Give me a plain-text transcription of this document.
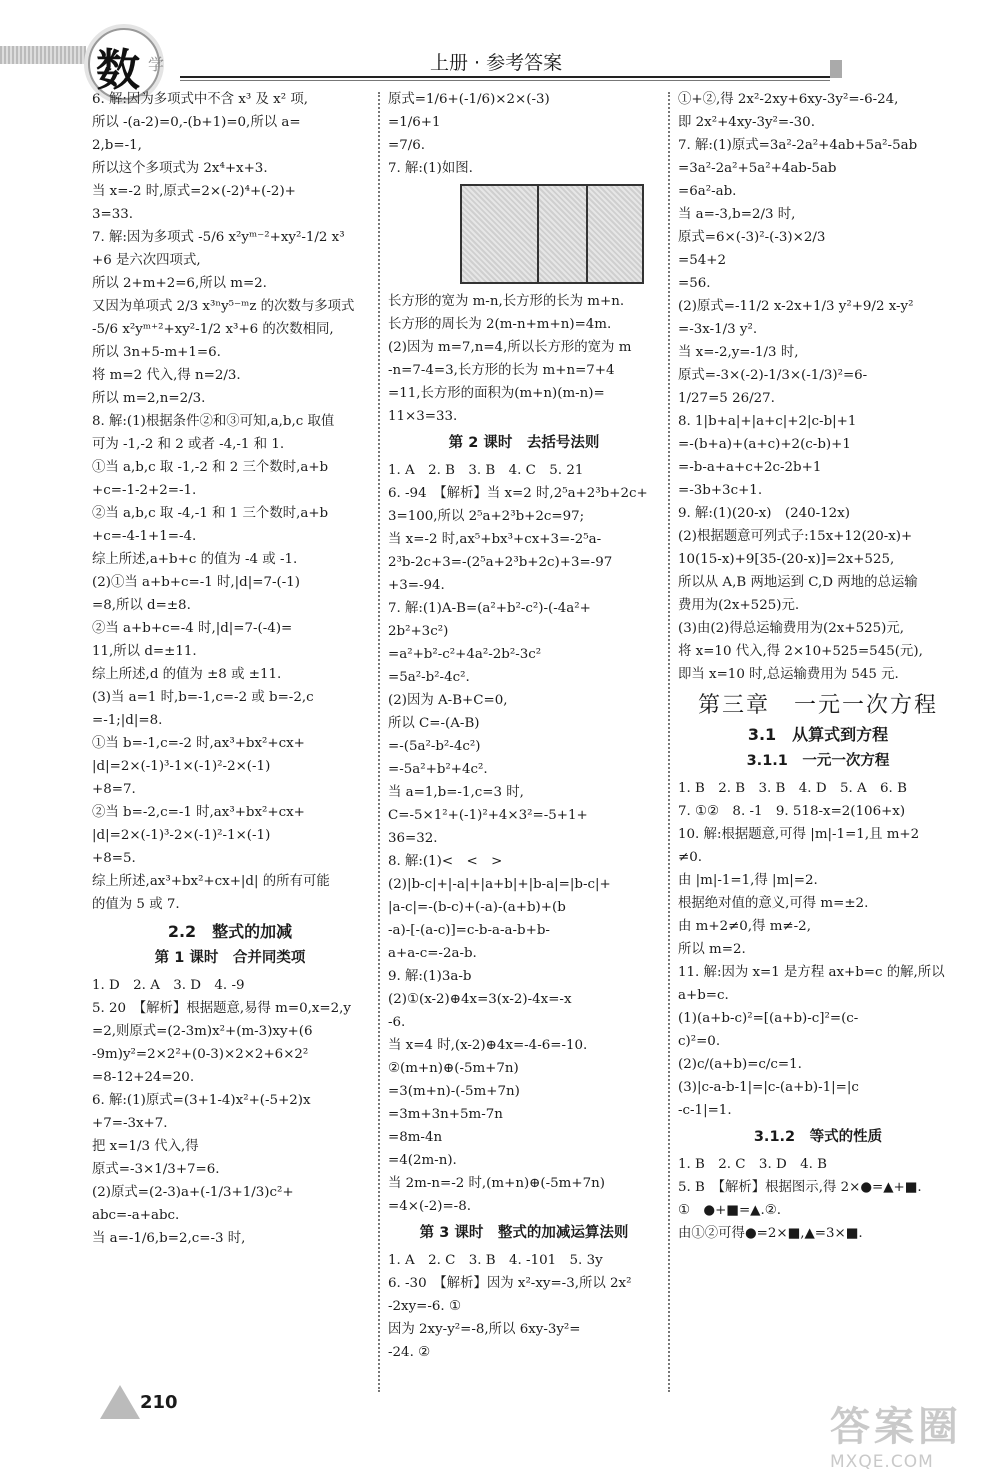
数 学	上册 · 参考答案
6. 解:因为多项式中不含 x³ 及 x² 项,
所以 -(a-2)=0,-(b+1)=0,所以 a=
2,b=-1,
所以这个多项式为 2x⁴+x+3.
当 x=-2 时,原式=2×(-2)⁴+(-2)+
3=33.
7. 解:因为多项式 -5/6 x²yᵐ⁻²+xy²-1/2 x³
+6 是六次四项式,
所以 2+m+2=6,所以 m=2.
又因为单项式 2/3 x³ⁿy⁵⁻ᵐz 的次数与多项式
-5/6 x²yᵐ⁺²+xy²-1/2 x³+6 的次数相同,
所以 3n+5-m+1=6.
将 m=2 代入,得 n=2/3.
所以 m=2,n=2/3.
8. 解:(1)根据条件②和③可知,a,b,c 取值
可为 -1,-2 和 2 或者 -4,-1 和 1.
①当 a,b,c 取 -1,-2 和 2 三个数时,a+b
+c=-1-2+2=-1.
②当 a,b,c 取 -4,-1 和 1 三个数时,a+b
+c=-4-1+1=-4.
综上所述,a+b+c 的值为 -4 或 -1.
(2)①当 a+b+c=-1 时,|d|=7-(-1)
=8,所以 d=±8.
②当 a+b+c=-4 时,|d|=7-(-4)=
11,所以 d=±11.
综上所述,d 的值为 ±8 或 ±11.
(3)当 a=1 时,b=-1,c=-2 或 b=-2,c
=-1;|d|=8.
①当 b=-1,c=-2 时,ax³+bx²+cx+
|d|=2×(-1)³-1×(-1)²-2×(-1)
+8=7.
②当 b=-2,c=-1 时,ax³+bx²+cx+
|d|=2×(-1)³-2×(-1)²-1×(-1)
+8=5.
综上所述,ax³+bx²+cx+|d| 的所有可能
的值为 5 或 7.
2.2　整式的加减
第 1 课时　合并同类项
1. D　2. A　3. D　4. -9
5. 20　【解析】根据题意,易得 m=0,x=2,y
=2,则原式=(2-3m)x²+(m-3)xy+(6
-9m)y²=2×2²+(0-3)×2×2+6×2²
=8-12+24=20.
6. 解:(1)原式=(3+1-4)x²+(-5+2)x
+7=-3x+7.
把 x=1/3 代入,得
原式=-3×1/3+7=6.
(2)原式=(2-3)a+(-1/3+1/3)c²+
abc=-a+abc.
当 a=-1/6,b=2,c=-3 时,
原式=1/6+(-1/6)×2×(-3)
=1/6+1
=7/6.
7. 解:(1)如图.
长方形的宽为 m-n,长方形的长为 m+n.
长方形的周长为 2(m-n+m+n)=4m.
(2)因为 m=7,n=4,所以长方形的宽为 m
-n=7-4=3,长方形的长为 m+n=7+4
=11,长方形的面积为(m+n)(m-n)=
11×3=33.
第 2 课时　去括号法则
1. A　2. B　3. B　4. C　5. 21
6. -94　【解析】当 x=2 时,2⁵a+2³b+2c+
3=100,所以 2⁵a+2³b+2c=97;
当 x=-2 时,ax⁵+bx³+cx+3=-2⁵a-
2³b-2c+3=-(2⁵a+2³b+2c)+3=-97
+3=-94.
7. 解:(1)A-B=(a²+b²-c²)-(-4a²+
2b²+3c²)
=a²+b²-c²+4a²-2b²-3c²
=5a²-b²-4c².
(2)因为 A-B+C=0,
所以 C=-(A-B)
=-(5a²-b²-4c²)
=-5a²+b²+4c².
当 a=1,b=-1,c=3 时,
C=-5×1²+(-1)²+4×3²=-5+1+
36=32.
8. 解:(1)<　<　>
(2)|b-c|+|-a|+|a+b|+|b-a|=|b-c|+
|a-c|=-(b-c)+(-a)-(a+b)+(b
-a)-[-(a-c)]=c-b-a-a-b+b-
a+a-c=-2a-b.
9. 解:(1)3a-b
(2)①(x-2)⊕4x=3(x-2)-4x=-x
-6.
当 x=4 时,(x-2)⊕4x=-4-6=-10.
②(m+n)⊕(-5m+7n)
=3(m+n)-(-5m+7n)
=3m+3n+5m-7n
=8m-4n
=4(2m-n).
当 2m-n=-2 时,(m+n)⊕(-5m+7n)
=4×(-2)=-8.
第 3 课时　整式的加减运算法则
1. A　2. C　3. B　4. -101　5. 3y
6. -30　【解析】因为 x²-xy=-3,所以 2x²
-2xy=-6. ①
因为 2xy-y²=-8,所以 6xy-3y²=
-24. ②
①+②,得 2x²-2xy+6xy-3y²=-6-24,
即 2x²+4xy-3y²=-30.
7. 解:(1)原式=3a²-2a²+4ab+5a²-5ab
=3a²-2a²+5a²+4ab-5ab
=6a²-ab.
当 a=-3,b=2/3 时,
原式=6×(-3)²-(-3)×2/3
=54+2
=56.
(2)原式=-11/2 x-2x+1/3 y²+9/2 x-y²
=-3x-1/3 y².
当 x=-2,y=-1/3 时,
原式=-3×(-2)-1/3×(-1/3)²=6-
1/27=5 26/27.
8. 1|b+a|+|a+c|+2|c-b|+1
=-(b+a)+(a+c)+2(c-b)+1
=-b-a+a+c+2c-2b+1
=-3b+3c+1.
9. 解:(1)(20-x)　(240-12x)
(2)根据题意可列式子:15x+12(20-x)+
10(15-x)+9[35-(20-x)]=2x+525,
所以从 A,B 两地运到 C,D 两地的总运输
费用为(2x+525)元.
(3)由(2)得总运输费用为(2x+525)元,
将 x=10 代入,得 2×10+525=545(元),
即当 x=10 时,总运输费用为 545 元.
第三章　一元一次方程
3.1　从算式到方程
3.1.1　一元一次方程
1. B　2. B　3. B　4. D　5. A　6. B
7. ①②　8. -1　9. 518-x=2(106+x)
10. 解:根据题意,可得 |m|-1=1,且 m+2
≠0.
由 |m|-1=1,得 |m|=2.
根据绝对值的意义,可得 m=±2.
由 m+2≠0,得 m≠-2,
所以 m=2.
11. 解:因为 x=1 是方程 ax+b=c 的解,所以
a+b=c.
(1)(a+b-c)²=[(a+b)-c]²=(c-
c)²=0.
(2)c/(a+b)=c/c=1.
(3)|c-a-b-1|=|c-(a+b)-1|=|c
-c-1|=1.
3.1.2　等式的性质
1. B　2. C　3. D　4. B
5. B　【解析】根据图示,得 2×●=▲+■.
①　●+■=▲.②.
由①②可得●=2×■,▲=3×■.
210
答案圈
MXQE.COM
